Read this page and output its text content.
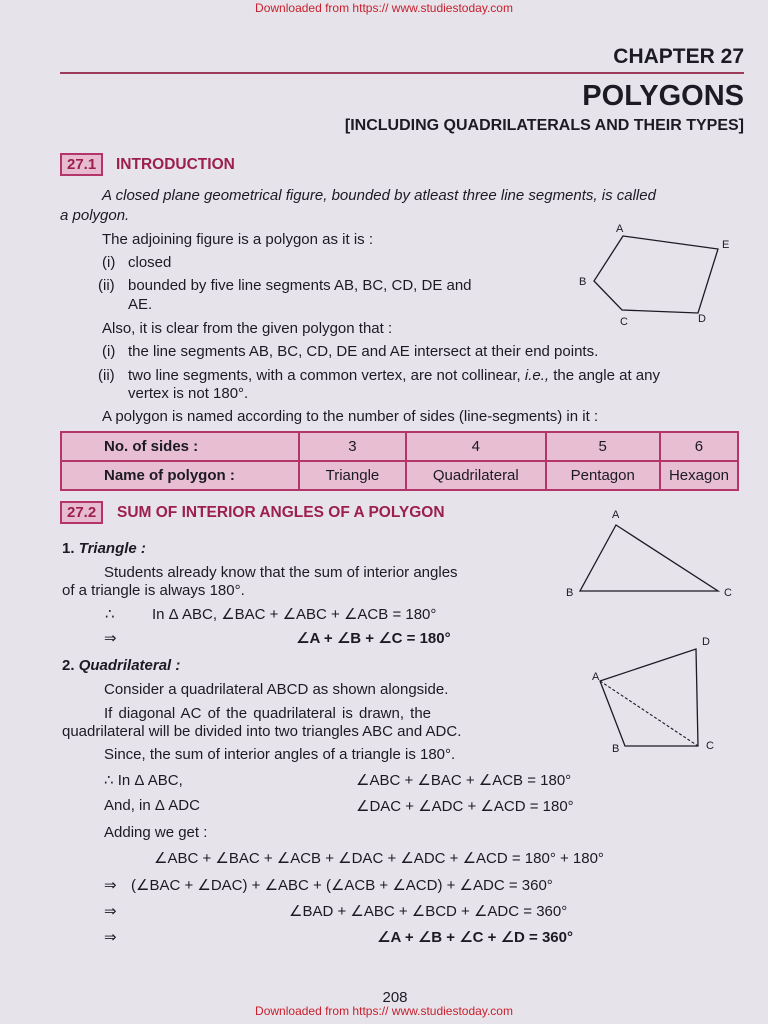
Downloaded from https:// www.studiestoday.com
CHAPTER 27
POLYGONS
[INCLUDING QUADRILATERALS AND THEIR TYPES]
27.1	INTRODUCTION
A closed plane geometrical figure, bounded by atleast three line segments, is called
a polygon.
The adjoining figure is a polygon as it is :
(i) closed
(ii) bounded by five line segments AB, BC, CD, DE and
AE.
Also, it is clear from the given polygon that :
(i) the line segments AB, BC, CD, DE and AE intersect at their end points.
(ii) two line segments, with a common vertex, are not collinear, i.e., the angle at any
vertex is not 180°.
A polygon is named according to the number of sides (line-segments) in it :
A
E
B
C	D
No. of sides :	3	4	5	6
Name of polygon :	Triangle	Quadrilateral	Pentagon	Hexagon
27.2	SUM OF INTERIOR ANGLES OF A POLYGON
1. Triangle :
Students already know that the sum of interior angles
of a triangle is always 180°.
∴ In Δ ABC, ∠BAC + ∠ABC + ∠ACB = 180°
⇒	∠A + ∠B + ∠C = 180°
A
B	C
2. Quadrilateral :
Consider a quadrilateral ABCD as shown alongside.
If diagonal AC of the quadrilateral is drawn, the
quadrilateral will be divided into two triangles ABC and ADC.
Since, the sum of interior angles of a triangle is 180°.
D
A
B	C
∴ In Δ ABC,	∠ABC + ∠BAC + ∠ACB = 180°
And, in Δ ADC	∠DAC + ∠ADC + ∠ACD = 180°
Adding we get :
∠ABC + ∠BAC + ∠ACB + ∠DAC + ∠ADC + ∠ACD = 180° + 180°
⇒ (∠BAC + ∠DAC) + ∠ABC + (∠ACB + ∠ACD) + ∠ADC = 360°
⇒	∠BAD + ∠ABC + ∠BCD + ∠ADC = 360°
⇒	∠A + ∠B + ∠C + ∠D = 360°
208
Downloaded from https:// www.studiestoday.com
